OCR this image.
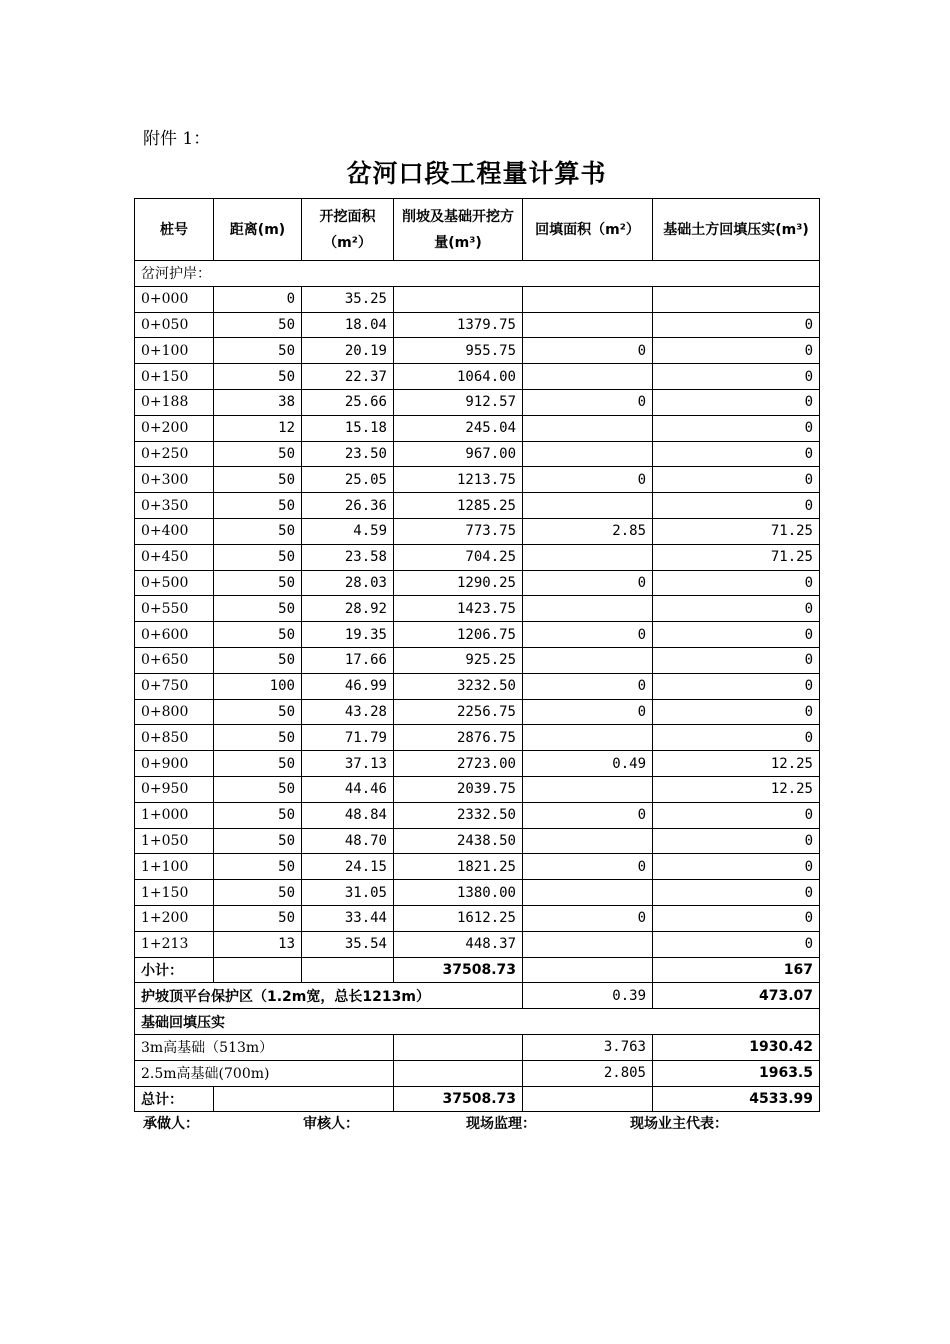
附件 1：
岔河口段工程量计算书
桩号	距离(m)	开挖面积（m²）	削坡及基础开挖方量(m³)	回填面积（m²）	基础土方回填压实(m³)
岔河护岸：					
0+000	0	35.25			
0+050	50	18.04	1379.75		0
0+100	50	20.19	955.75	0	0
0+150	50	22.37	1064.00		0
0+188	38	25.66	912.57	0	0
0+200	12	15.18	245.04		0
0+250	50	23.50	967.00		0
0+300	50	25.05	1213.75	0	0
0+350	50	26.36	1285.25		0
0+400	50	4.59	773.75	2.85	71.25
0+450	50	23.58	704.25		71.25
0+500	50	28.03	1290.25	0	0
0+550	50	28.92	1423.75		0
0+600	50	19.35	1206.75	0	0
0+650	50	17.66	925.25		0
0+750	100	46.99	3232.50	0	0
0+800	50	43.28	2256.75	0	0
0+850	50	71.79	2876.75		0
0+900	50	37.13	2723.00	0.49	12.25
0+950	50	44.46	2039.75		12.25
1+000	50	48.84	2332.50	0	0
1+050	50	48.70	2438.50		0
1+100	50	24.15	1821.25	0	0
1+150	50	31.05	1380.00		0
1+200	50	33.44	1612.25	0	0
1+213	13	35.54	448.37		0
小计：			37508.73		167
护坡顶平台保护区（1.2m宽，总长1213m）				0.39	473.07
基础回填压实					
3m高基础（513m）				3.763	1930.42
2.5m高基础(700m)				2.805	1963.5
总计：			37508.73		4533.99
承做人：	审核人：	现场监理：	现场业主代表：
